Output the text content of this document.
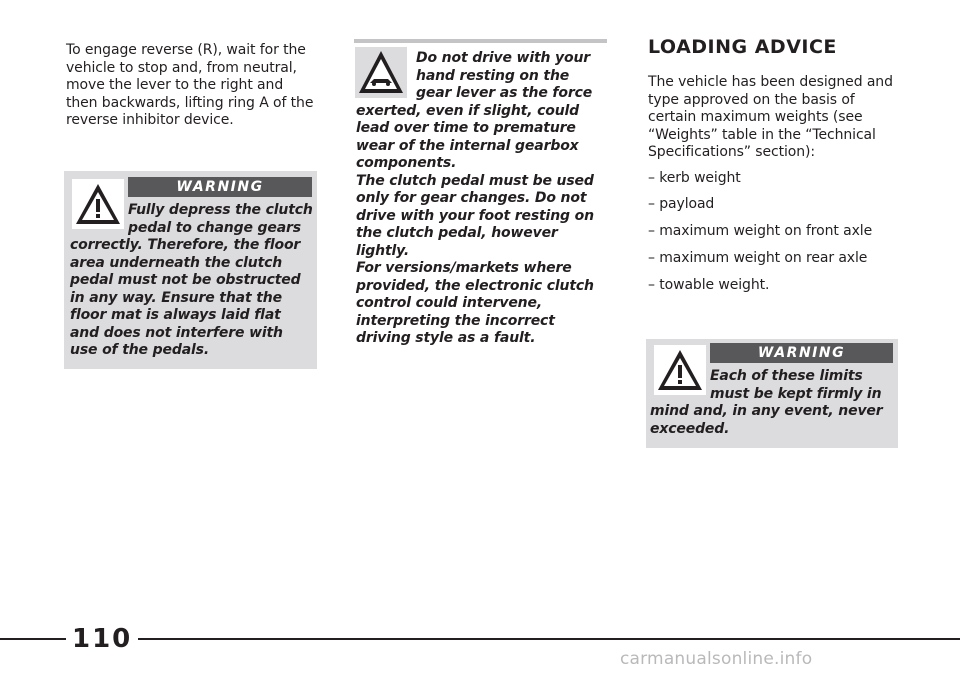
To engage reverse (R), wait for the vehicle to stop and, from neutral, move the lever to the right and then backwards, lifting ring A of the reverse inhibitor device.
WARNING
Fully depress the clutch pedal to change gears
correctly. Therefore, the floor area underneath the clutch pedal must not be obstructed in any way. Ensure that the floor mat is always laid flat and does not interfere with use of the pedals.

Do not drive with your hand resting on the gear lever as the force
exerted, even if slight, could lead over time to premature wear of the internal gearbox components.

The clutch pedal must be used only for gear changes. Do not drive with your foot resting on the clutch pedal, however lightly.

For versions/markets where provided, the electronic clutch control could intervene, interpreting the incorrect driving style as a fault.

LOADING ADVICE

The vehicle has been designed and type approved on the basis of certain maximum weights (see “Weights” table in the “Technical Specifications” section):

– kerb weight
– payload
– maximum weight on front axle
– maximum weight on rear axle
– towable weight.
WARNING
Each of these limits must be kept firmly in
mind and, in any event, never exceeded.
110
carmanualsonline.info
